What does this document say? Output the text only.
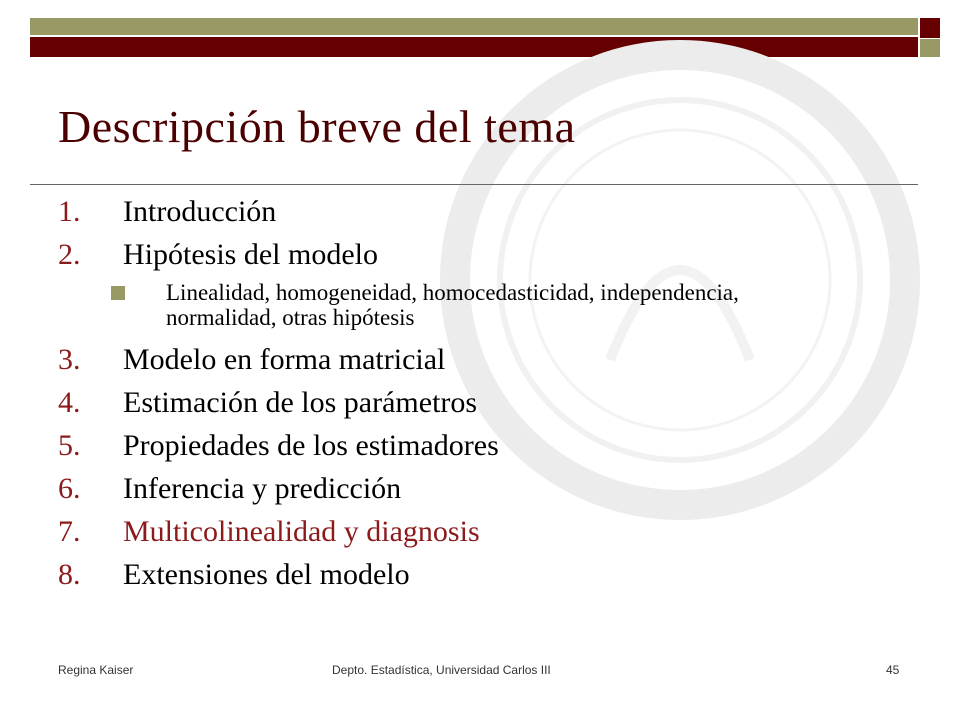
Descripción breve del tema
1.	Introducción
2.	Hipótesis del modelo
Linealidad, homogeneidad, homocedasticidad, independencia, normalidad, otras hipótesis
3.	Modelo en forma matricial
4.	Estimación de los parámetros
5.	Propiedades de los estimadores
6.	Inferencia y predicción
7.	Multicolinealidad y diagnosis
8.	Extensiones del modelo
Regina Kaiser	Depto. Estadística, Universidad Carlos III	45
